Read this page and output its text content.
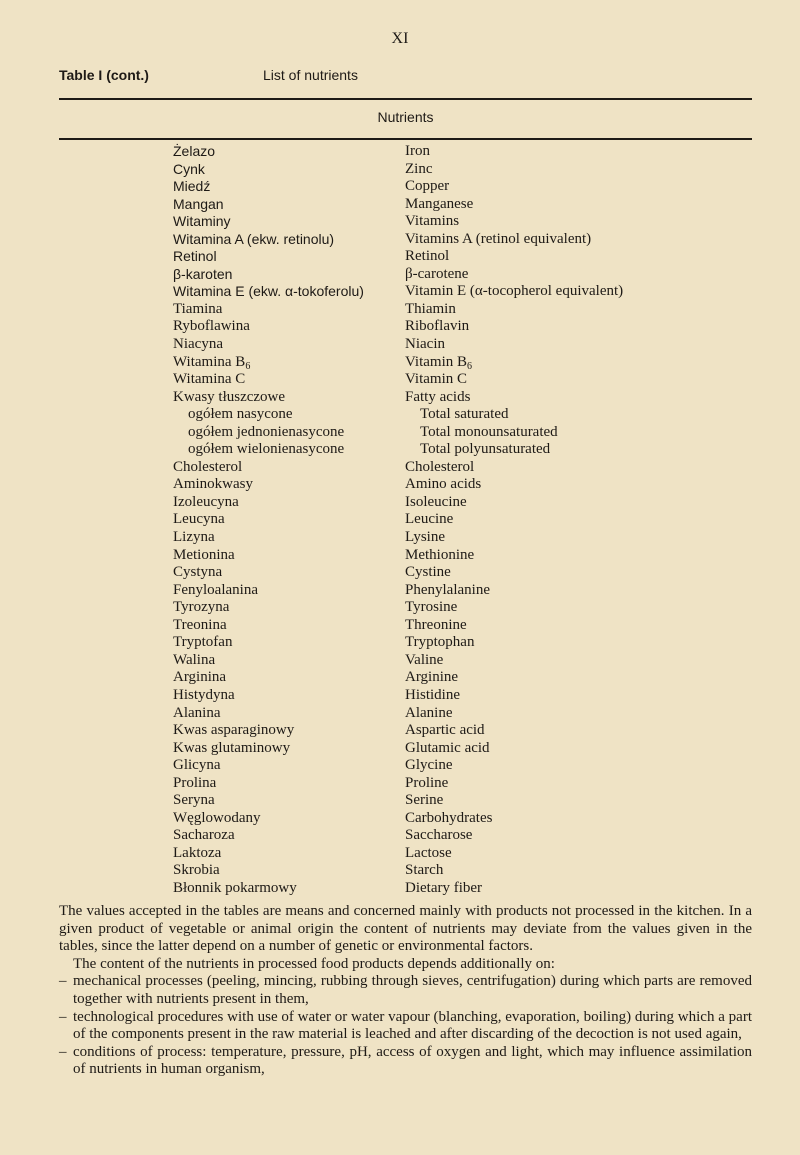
XI
Table I (cont.)	List of nutrients
Nutrients
Żelazo	Iron
Cynk	Zinc
Miedź	Copper
Mangan	Manganese
Witaminy	Vitamins
Witamina A (ekw. retinolu)	Vitamins A (retinol equivalent)
Retinol	Retinol
β-karoten	β-carotene
Witamina E (ekw. α-tokoferolu)	Vitamin E (α-tocopherol equivalent)
Tiamina	Thiamin
Ryboflawina	Riboflavin
Niacyna	Niacin
Witamina $B_6$	Vitamin $B_6$
Witamina C	Vitamin C
Kwasy tłuszczowe	Fatty acids
ogółem nasycone	Total saturated
ogółem jednonienasycone	Total monounsaturated
ogółem wielonienasycone	Total polyunsaturated
Cholesterol	Cholesterol
Aminokwasy	Amino acids
Izoleucyna	Isoleucine
Leucyna	Leucine
Lizyna	Lysine
Metionina	Methionine
Cystyna	Cystine
Fenyloalanina	Phenylalanine
Tyrozyna	Tyrosine
Treonina	Threonine
Tryptofan	Tryptophan
Walina	Valine
Arginina	Arginine
Histydyna	Histidine
Alanina	Alanine
Kwas asparaginowy	Aspartic acid
Kwas glutaminowy	Glutamic acid
Glicyna	Glycine
Prolina	Proline
Seryna	Serine
Węglowodany	Carbohydrates
Sacharoza	Saccharose
Laktoza	Lactose
Skrobia	Starch
Błonnik pokarmowy	Dietary fiber

The values accepted in the tables are means and concerned mainly with products not processed in the kitchen. In a given product of vegetable or animal origin the content of nutrients may deviate from the values given in the tables, since the latter depend on a number of genetic or environmental factors.

The content of the nutrients in processed food products depends additionally on:

– mechanical processes (peeling, mincing, rubbing through sieves, centrifugation) during which parts are removed together with nutrients present in them,
– technological procedures with use of water or water vapour (blanching, evaporation, boiling) during which a part of the components present in the raw material is leached and after discarding of the decoction is not used again,
– conditions of process: temperature, pressure, pH, access of oxygen and light, which may influence assimilation of nutrients in human organism,
